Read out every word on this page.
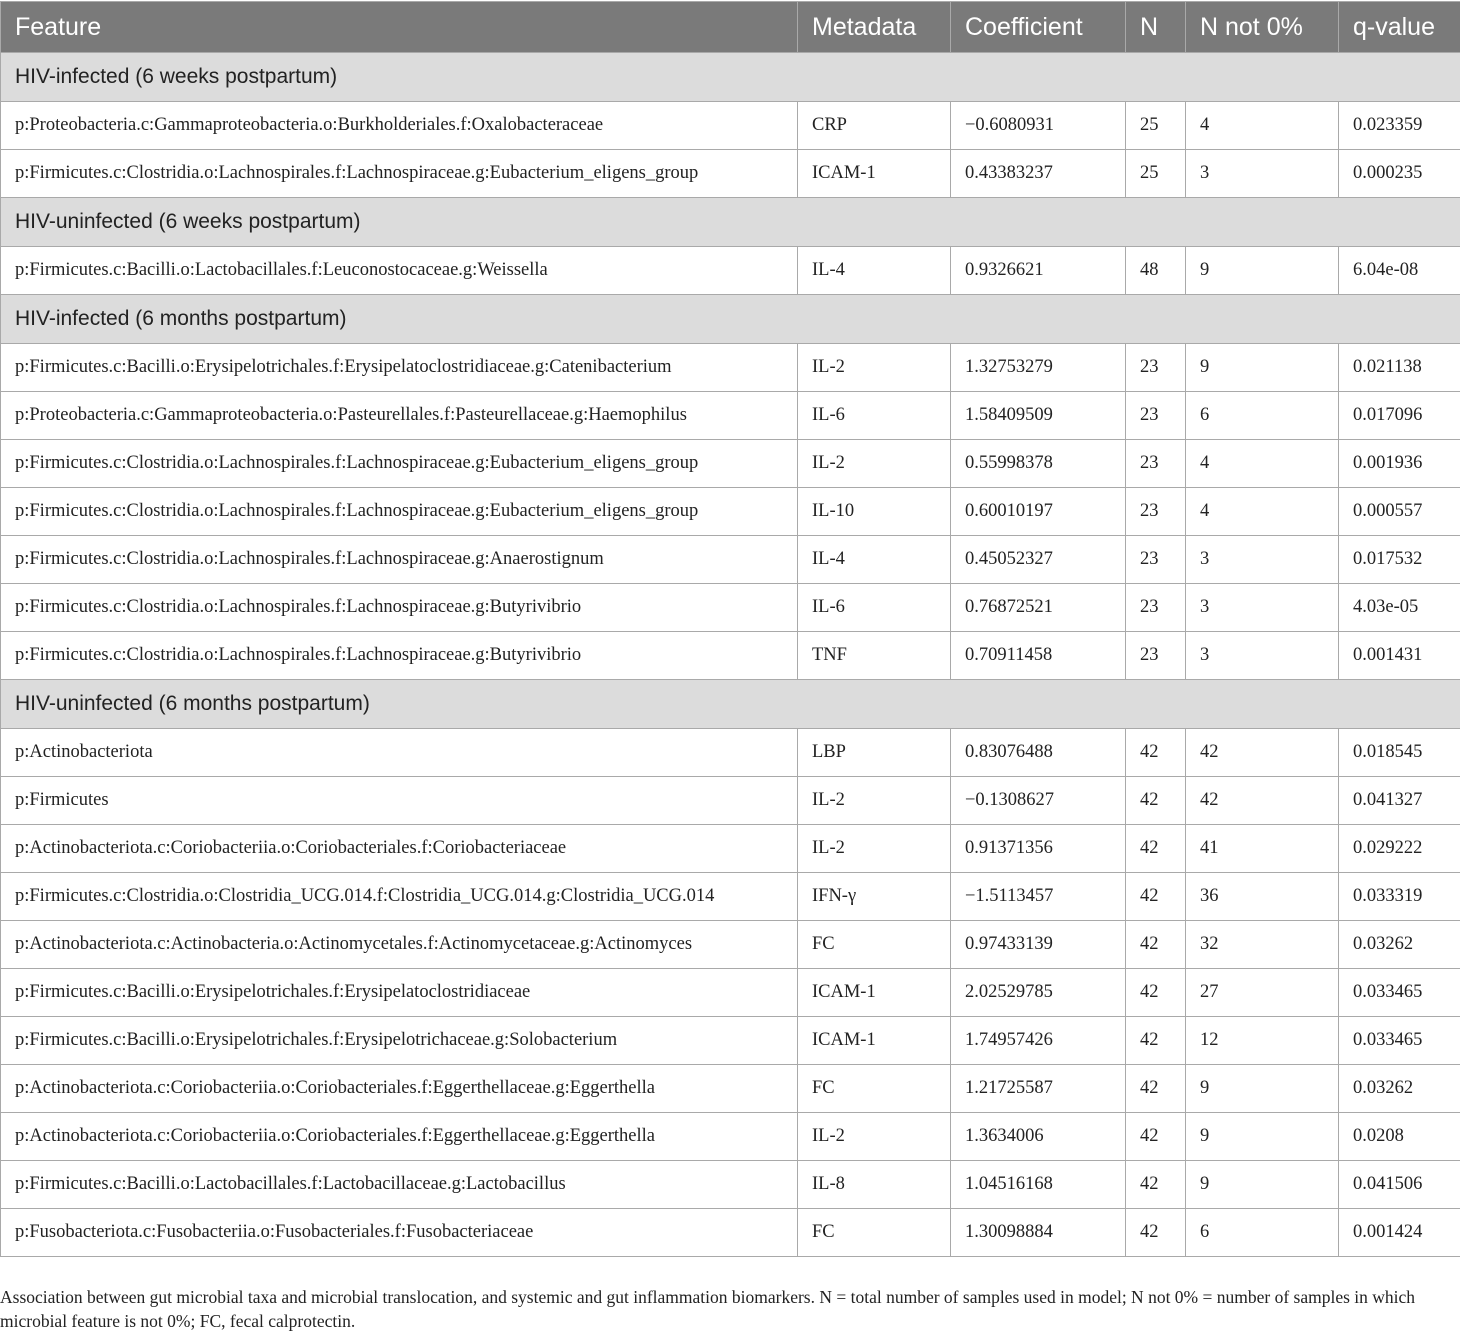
Feature	Metadata	Coefficient	N	N not 0%	q-value
HIV-infected (6 weeks postpartum)					
p:Proteobacteria.c:Gammaproteobacteria.o:Burkholderiales.f:Oxalobacteraceae	CRP	−0.6080931	25	4	0.023359
p:Firmicutes.c:Clostridia.o:Lachnospirales.f:Lachnospiraceae.g:Eubacterium_eligens_group	ICAM-1	0.43383237	25	3	0.000235
HIV-uninfected (6 weeks postpartum)					
p:Firmicutes.c:Bacilli.o:Lactobacillales.f:Leuconostocaceae.g:Weissella	IL-4	0.9326621	48	9	6.04e-08
HIV-infected (6 months postpartum)					
p:Firmicutes.c:Bacilli.o:Erysipelotrichales.f:Erysipelatoclostridiaceae.g:Catenibacterium	IL-2	1.32753279	23	9	0.021138
p:Proteobacteria.c:Gammaproteobacteria.o:Pasteurellales.f:Pasteurellaceae.g:Haemophilus	IL-6	1.58409509	23	6	0.017096
p:Firmicutes.c:Clostridia.o:Lachnospirales.f:Lachnospiraceae.g:Eubacterium_eligens_group	IL-2	0.55998378	23	4	0.001936
p:Firmicutes.c:Clostridia.o:Lachnospirales.f:Lachnospiraceae.g:Eubacterium_eligens_group	IL-10	0.60010197	23	4	0.000557
p:Firmicutes.c:Clostridia.o:Lachnospirales.f:Lachnospiraceae.g:Anaerostignum	IL-4	0.45052327	23	3	0.017532
p:Firmicutes.c:Clostridia.o:Lachnospirales.f:Lachnospiraceae.g:Butyrivibrio	IL-6	0.76872521	23	3	4.03e-05
p:Firmicutes.c:Clostridia.o:Lachnospirales.f:Lachnospiraceae.g:Butyrivibrio	TNF	0.70911458	23	3	0.001431
HIV-uninfected (6 months postpartum)					
p:Actinobacteriota	LBP	0.83076488	42	42	0.018545
p:Firmicutes	IL-2	−0.1308627	42	42	0.041327
p:Actinobacteriota.c:Coriobacteriia.o:Coriobacteriales.f:Coriobacteriaceae	IL-2	0.91371356	42	41	0.029222
p:Firmicutes.c:Clostridia.o:Clostridia_UCG.014.f:Clostridia_UCG.014.g:Clostridia_UCG.014	IFN-γ	−1.5113457	42	36	0.033319
p:Actinobacteriota.c:Actinobacteria.o:Actinomycetales.f:Actinomycetaceae.g:Actinomyces	FC	0.97433139	42	32	0.03262
p:Firmicutes.c:Bacilli.o:Erysipelotrichales.f:Erysipelatoclostridiaceae	ICAM-1	2.02529785	42	27	0.033465
p:Firmicutes.c:Bacilli.o:Erysipelotrichales.f:Erysipelotrichaceae.g:Solobacterium	ICAM-1	1.74957426	42	12	0.033465
p:Actinobacteriota.c:Coriobacteriia.o:Coriobacteriales.f:Eggerthellaceae.g:Eggerthella	FC	1.21725587	42	9	0.03262
p:Actinobacteriota.c:Coriobacteriia.o:Coriobacteriales.f:Eggerthellaceae.g:Eggerthella	IL-2	1.3634006	42	9	0.0208
p:Firmicutes.c:Bacilli.o:Lactobacillales.f:Lactobacillaceae.g:Lactobacillus	IL-8	1.04516168	42	9	0.041506
p:Fusobacteriota.c:Fusobacteriia.o:Fusobacteriales.f:Fusobacteriaceae	FC	1.30098884	42	6	0.001424
Association between gut microbial taxa and microbial translocation, and systemic and gut inflammation biomarkers. N = total number of samples used in model; N not 0% = number of samples in which microbial feature is not 0%; FC, fecal calprotectin.
